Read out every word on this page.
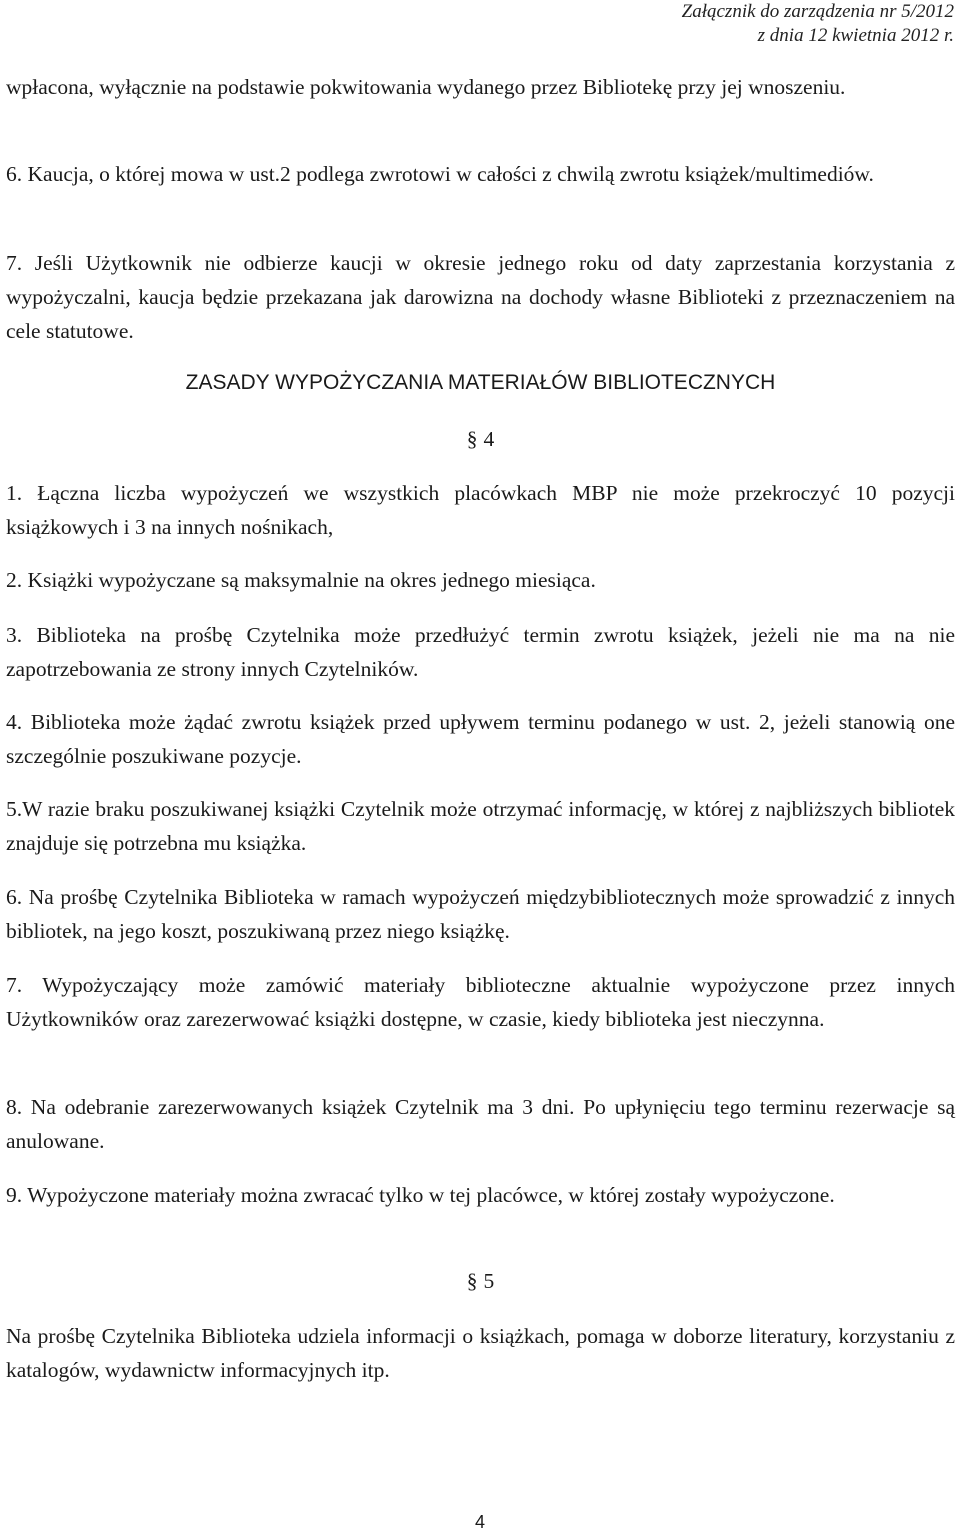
Załącznik do zarządzenia nr 5/2012
z dnia 12 kwietnia 2012 r.

wpłacona, wyłącznie na podstawie pokwitowania wydanego przez Bibliotekę przy jej wnoszeniu.

6. Kaucja, o której mowa w ust.2 podlega zwrotowi w całości z chwilą zwrotu książek/multimediów.

7. Jeśli Użytkownik nie odbierze kaucji w okresie jednego roku od daty zaprzestania korzystania z wypożyczalni, kaucja będzie przekazana jak darowizna na dochody własne Biblioteki z przeznaczeniem na cele statutowe.

ZASADY WYPOŻYCZANIA MATERIAŁÓW BIBLIOTECZNYCH

§ 4

1. Łączna liczba wypożyczeń we wszystkich placówkach MBP nie może przekroczyć 10 pozycji książkowych i 3 na innych nośnikach,

2. Książki wypożyczane są maksymalnie na okres jednego miesiąca.

3. Biblioteka na prośbę Czytelnika może przedłużyć termin zwrotu książek, jeżeli nie ma na nie zapotrzebowania ze strony innych Czytelników.

4. Biblioteka może żądać zwrotu książek przed upływem terminu podanego w ust. 2, jeżeli stanowią one szczególnie poszukiwane pozycje.

5.W razie braku poszukiwanej książki Czytelnik może otrzymać informację, w której z najbliższych bibliotek znajduje się potrzebna mu książka.

6. Na prośbę Czytelnika Biblioteka w ramach wypożyczeń międzybibliotecznych może sprowadzić z innych bibliotek, na jego koszt, poszukiwaną przez niego książkę.

7. Wypożyczający może zamówić materiały biblioteczne aktualnie wypożyczone przez innych Użytkowników oraz zarezerwować książki dostępne, w czasie, kiedy biblioteka jest nieczynna.

8. Na odebranie zarezerwowanych książek Czytelnik ma 3 dni. Po upłynięciu tego terminu rezerwacje są anulowane.

9. Wypożyczone materiały można zwracać tylko w tej placówce, w której zostały wypożyczone.

§ 5

Na prośbę Czytelnika Biblioteka udziela informacji o książkach, pomaga w doborze literatury, korzystaniu z katalogów, wydawnictw informacyjnych itp.

4
